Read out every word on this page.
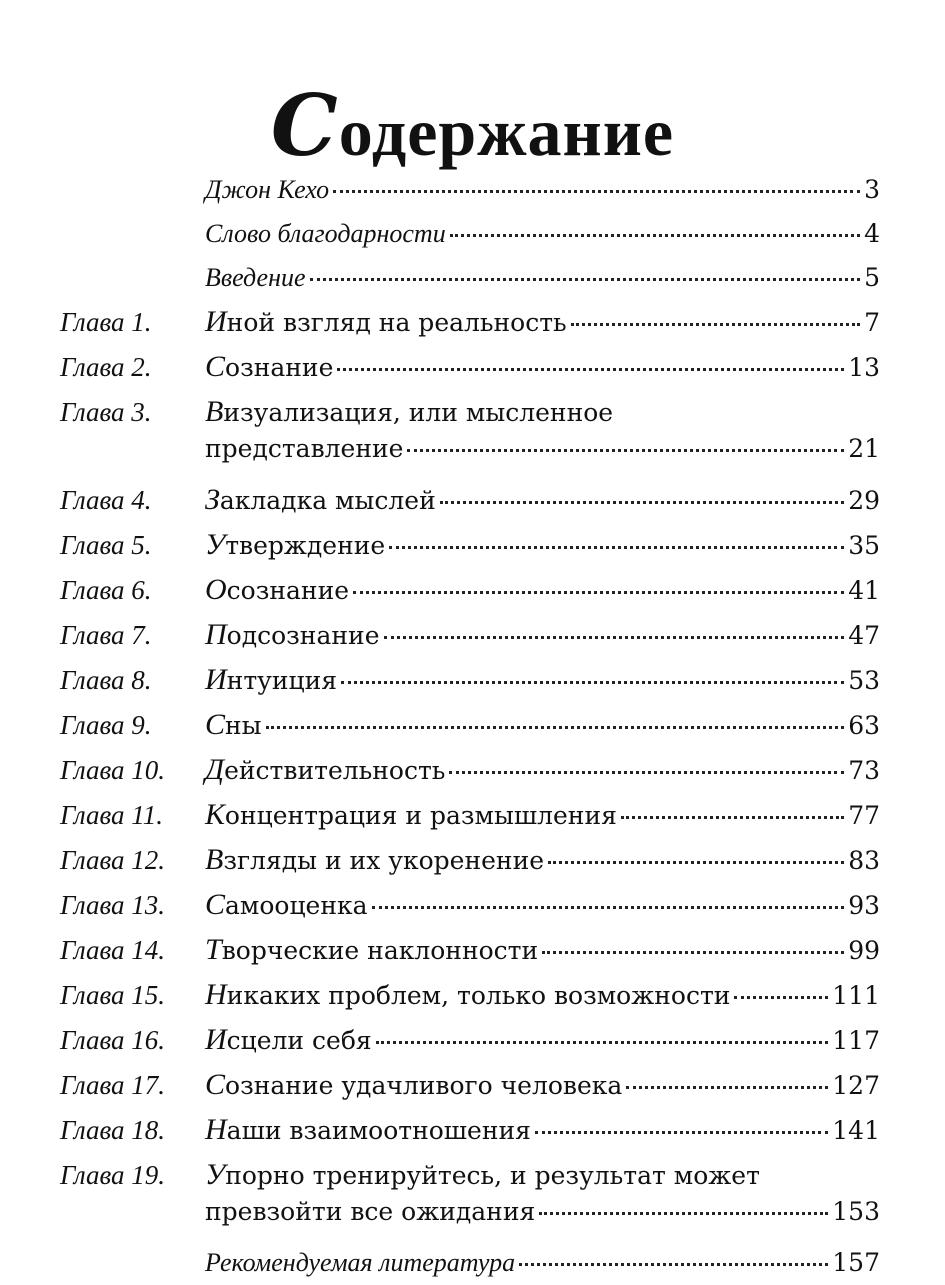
Содержание
Джон Кехо	3
Слово благодарности	4
Введение	5
Глава 1. Иной взгляд на реальность	7
Глава 2. Сознание	13
Глава 3. Визуализация, или мысленное
представление	21
Глава 4. Закладка мыслей	29
Глава 5. Утверждение	35
Глава 6. Осознание	41
Глава 7. Подсознание	47
Глава 8. Интуиция	53
Глава 9. Сны	63
Глава 10. Действительность	73
Глава 11. Концентрация и размышления	77
Глава 12. Взгляды и их укоренение	83
Глава 13. Самооценка	93
Глава 14. Творческие наклонности	99
Глава 15. Никаких проблем, только возможности	111
Глава 16. Исцели себя	117
Глава 17. Сознание удачливого человека	127
Глава 18. Наши взаимоотношения	141
Глава 19. Упорно тренируйтесь, и результат может
превзойти все ожидания	153
Рекомендуемая литература	157
